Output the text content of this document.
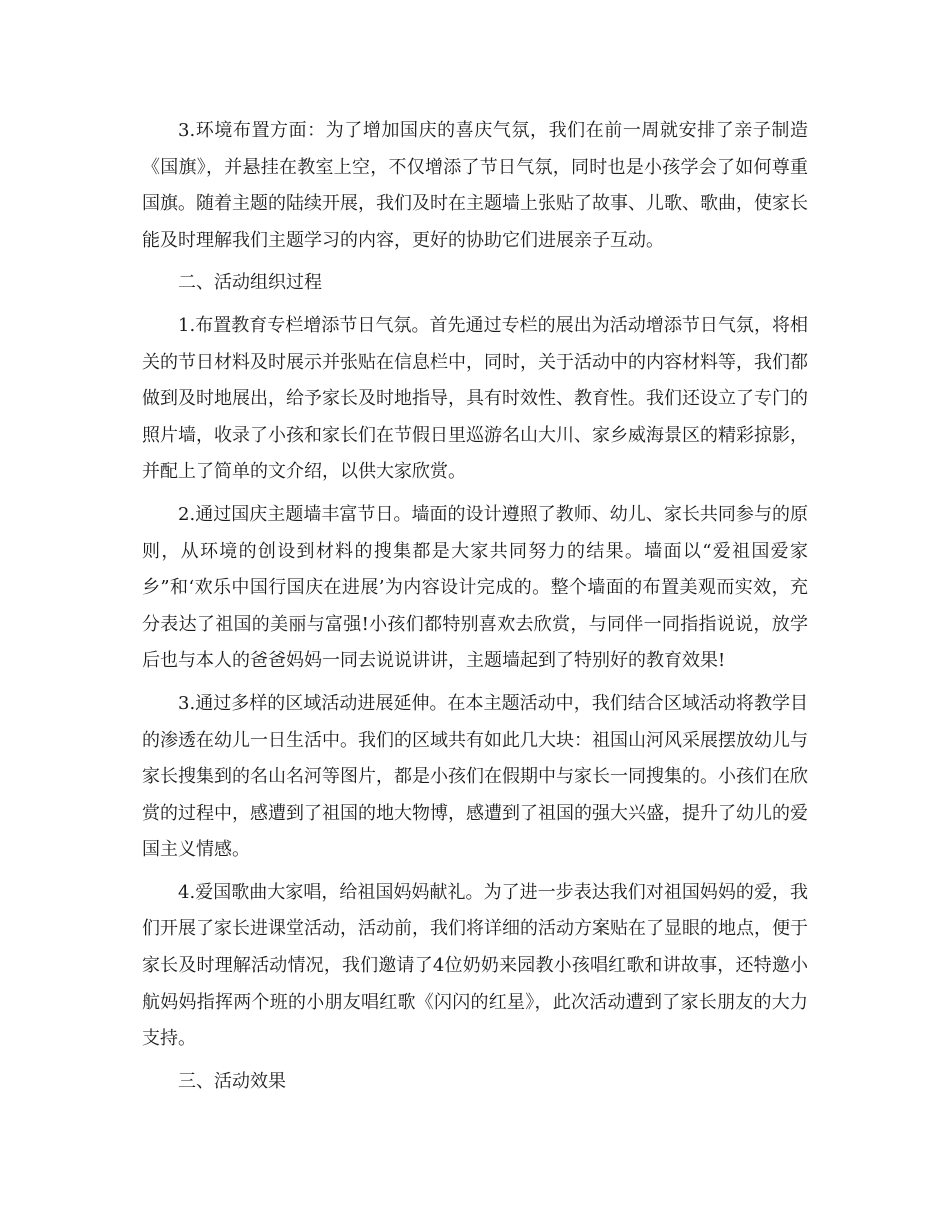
3.环境布置方面：为了增加国庆的喜庆气氛，我们在前一周就安排了亲子制造《国旗》，并悬挂在教室上空，不仅增添了节日气氛，同时也是小孩学会了如何尊重国旗。随着主题的陆续开展，我们及时在主题墙上张贴了故事、儿歌、歌曲，使家长能及时理解我们主题学习的内容，更好的协助它们进展亲子互动。

二、活动组织过程

1.布置教育专栏增添节日气氛。首先通过专栏的展出为活动增添节日气氛，将相关的节日材料及时展示并张贴在信息栏中，同时，关于活动中的内容材料等，我们都做到及时地展出，给予家长及时地指导，具有时效性、教育性。我们还设立了专门的照片墙，收录了小孩和家长们在节假日里巡游名山大川、家乡威海景区的精彩掠影，并配上了简单的文介绍，以供大家欣赏。

2.通过国庆主题墙丰富节日。墙面的设计遵照了教师、幼儿、家长共同参与的原则，从环境的创设到材料的搜集都是大家共同努力的结果。墙面以“爱祖国爱家乡”和‘欢乐中国行国庆在进展’为内容设计完成的。整个墙面的布置美观而实效，充分表达了祖国的美丽与富强!小孩们都特别喜欢去欣赏，与同伴一同指指说说，放学后也与本人的爸爸妈妈一同去说说讲讲，主题墙起到了特别好的教育效果!

3.通过多样的区域活动进展延伸。在本主题活动中，我们结合区域活动将教学目的渗透在幼儿一日生活中。我们的区域共有如此几大块：祖国山河风采展摆放幼儿与家长搜集到的名山名河等图片，都是小孩们在假期中与家长一同搜集的。小孩们在欣赏的过程中，感遭到了祖国的地大物博，感遭到了祖国的强大兴盛，提升了幼儿的爱国主义情感。

4.爱国歌曲大家唱，给祖国妈妈献礼。为了进一步表达我们对祖国妈妈的爱，我们开展了家长进课堂活动，活动前，我们将详细的活动方案贴在了显眼的地点，便于家长及时理解活动情况，我们邀请了4位奶奶来园教小孩唱红歌和讲故事，还特邀小航妈妈指挥两个班的小朋友唱红歌《闪闪的红星》，此次活动遭到了家长朋友的大力支持。

三、活动效果
